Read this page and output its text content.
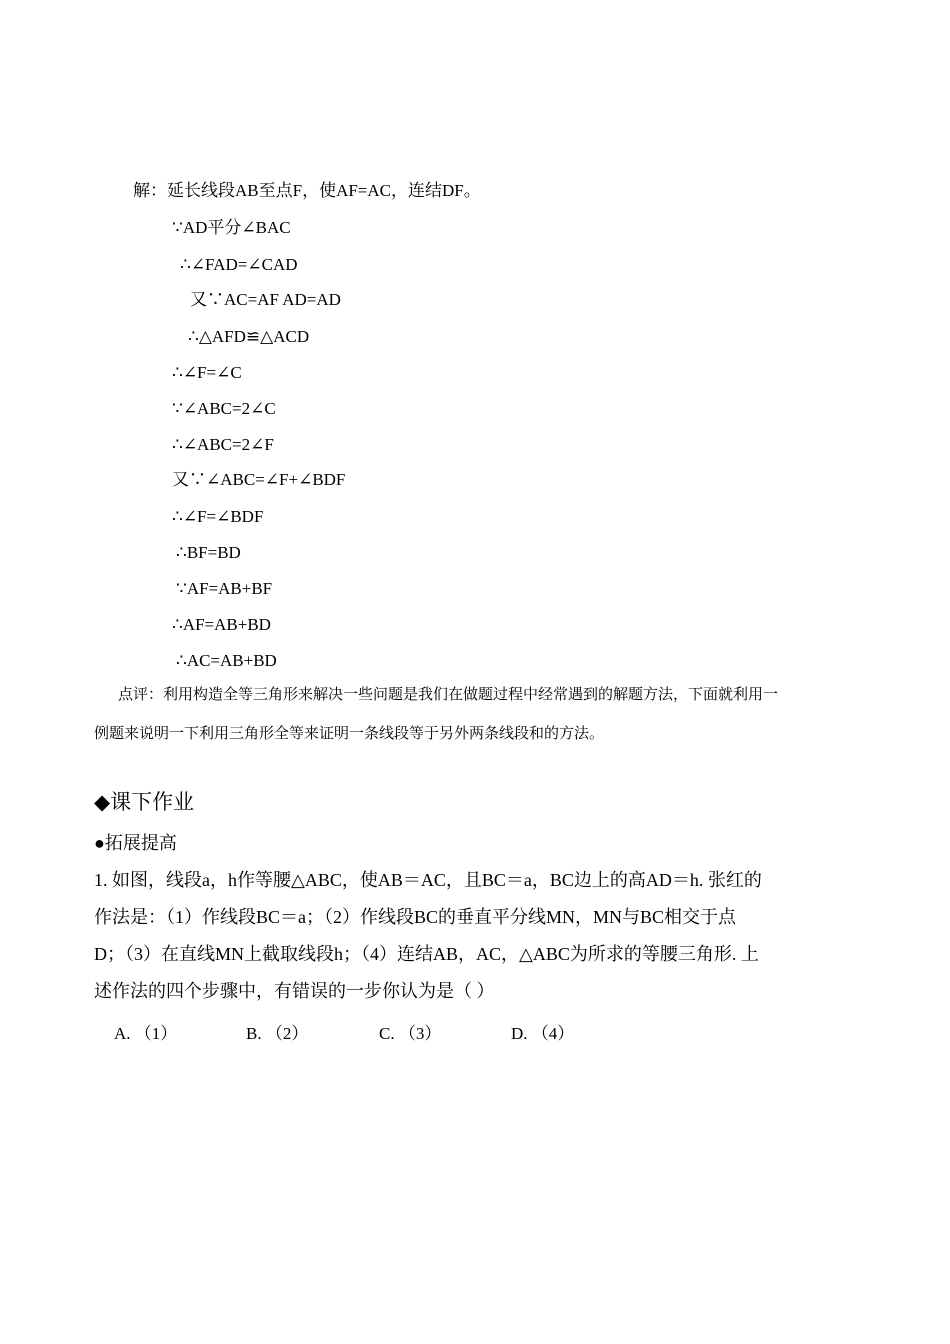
解：延长线段AB至点F，使AF=AC，连结DF。
∵AD平分∠BAC
∴∠FAD=∠CAD
又∵AC=AF AD=AD
∴△AFD≌△ACD
∴∠F=∠C
∵∠ABC=2∠C
∴∠ABC=2∠F
又∵∠ABC=∠F+∠BDF
∴∠F=∠BDF
∴BF=BD
∵AF=AB+BF
∴AF=AB+BD
∴AC=AB+BD
点评：利用构造全等三角形来解决一些问题是我们在做题过程中经常遇到的解题方法，下面就利用一
例题来说明一下利用三角形全等来证明一条线段等于另外两条线段和的方法。
◆课下作业
●拓展提高
1. 如图，线段a，h作等腰△ABC，使AB＝AC，且BC＝a，BC边上的高AD＝h. 张红的
作法是：（1）作线段BC＝a；（2）作线段BC的垂直平分线MN，MN与BC相交于点
D；（3）在直线MN上截取线段h；（4）连结AB，AC，△ABC为所求的等腰三角形. 上
述作法的四个步骤中，有错误的一步你认为是（ ）
A. （1）	B. （2）	C. （3）	D. （4）
